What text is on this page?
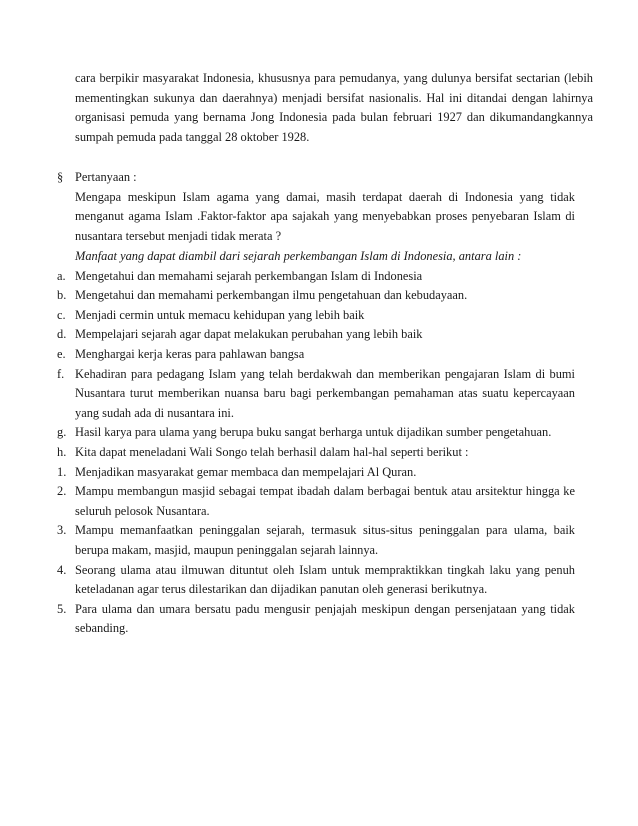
cara berpikir masyarakat Indonesia, khususnya para pemudanya, yang dulunya bersifat sectarian (lebih mementingkan sukunya dan daerahnya) menjadi bersifat nasionalis. Hal ini ditandai dengan lahirnya organisasi pemuda yang bernama Jong Indonesia pada bulan februari 1927 dan dikumandangkannya sumpah pemuda pada tanggal 28 oktober 1928.
§ Pertanyaan :
Mengapa meskipun Islam agama yang damai, masih terdapat daerah di Indonesia yang tidak menganut agama Islam .Faktor-faktor apa sajakah yang menyebabkan proses penyebaran Islam di nusantara tersebut menjadi tidak merata ?
Manfaat yang dapat diambil dari sejarah perkembangan Islam di Indonesia, antara lain :
a. Mengetahui dan memahami sejarah perkembangan Islam di Indonesia
b. Mengetahui dan memahami perkembangan ilmu pengetahuan dan kebudayaan.
c. Menjadi cermin untuk memacu kehidupan yang lebih baik
d. Mempelajari sejarah agar dapat melakukan perubahan yang lebih baik
e. Menghargai kerja keras para pahlawan bangsa
f. Kehadiran para pedagang Islam yang telah berdakwah dan memberikan pengajaran Islam di bumi Nusantara turut memberikan nuansa baru bagi perkembangan pemahaman atas suatu kepercayaan yang sudah ada di nusantara ini.
g. Hasil karya para ulama yang berupa buku sangat berharga untuk dijadikan sumber pengetahuan.
h. Kita dapat meneladani Wali Songo telah berhasil dalam hal-hal seperti berikut :
1. Menjadikan masyarakat gemar membaca dan mempelajari Al Quran.
2. Mampu membangun masjid sebagai tempat ibadah dalam berbagai bentuk atau arsitektur hingga ke seluruh pelosok Nusantara.
3. Mampu memanfaatkan peninggalan sejarah, termasuk situs-situs peninggalan para ulama, baik berupa makam, masjid, maupun peninggalan sejarah lainnya.
4. Seorang ulama atau ilmuwan dituntut oleh Islam untuk mempraktikkan tingkah laku yang penuh keteladanan agar terus dilestarikan dan dijadikan panutan oleh generasi berikutnya.
5. Para ulama dan umara bersatu padu mengusir penjajah meskipun dengan persenjataan yang tidak sebanding.
